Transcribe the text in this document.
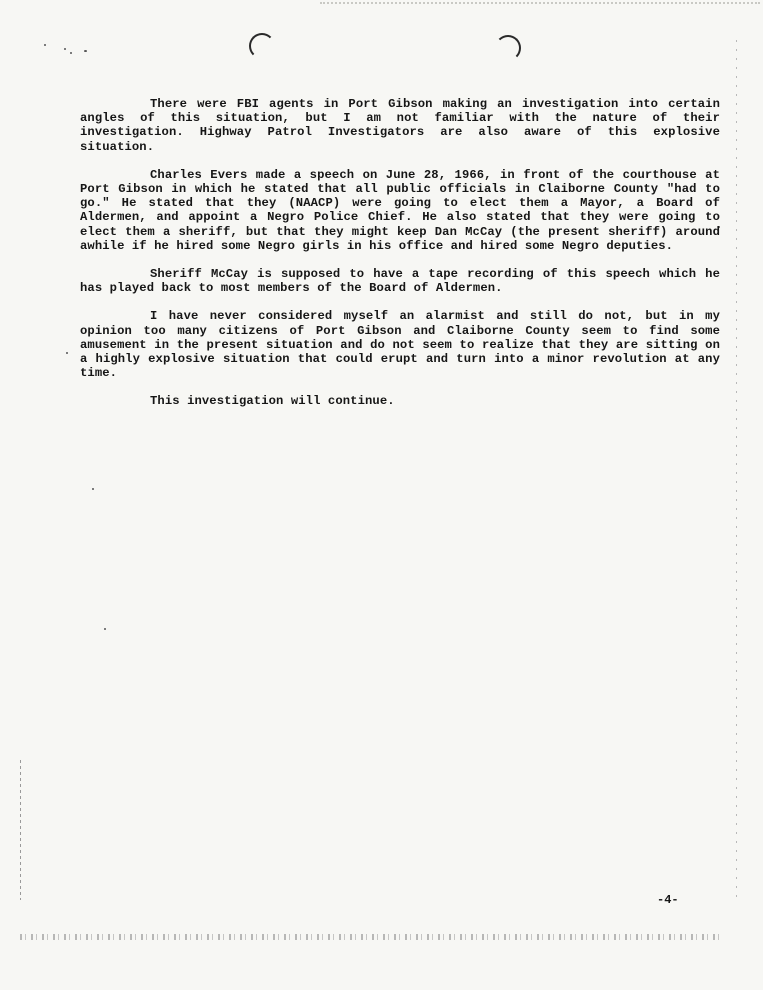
There were FBI agents in Port Gibson making an investigation into certain angles of this situation, but I am not familiar with the nature of their investigation. Highway Patrol Investigators are also aware of this explosive situation.

Charles Evers made a speech on June 28, 1966, in front of the courthouse at Port Gibson in which he stated that all public officials in Claiborne County "had to go." He stated that they (NAACP) were going to elect them a Mayor, a Board of Aldermen, and appoint a Negro Police Chief. He also stated that they were going to elect them a sheriff, but that they might keep Dan McCay (the present sheriff) around awhile if he hired some Negro girls in his office and hired some Negro deputies.

Sheriff McCay is supposed to have a tape recording of this speech which he has played back to most members of the Board of Aldermen.

I have never considered myself an alarmist and still do not, but in my opinion too many citizens of Port Gibson and Claiborne County seem to find some amusement in the present situation and do not seem to realize that they are sitting on a highly explosive situation that could erupt and turn into a minor revolution at any time.

This investigation will continue.

-4-
